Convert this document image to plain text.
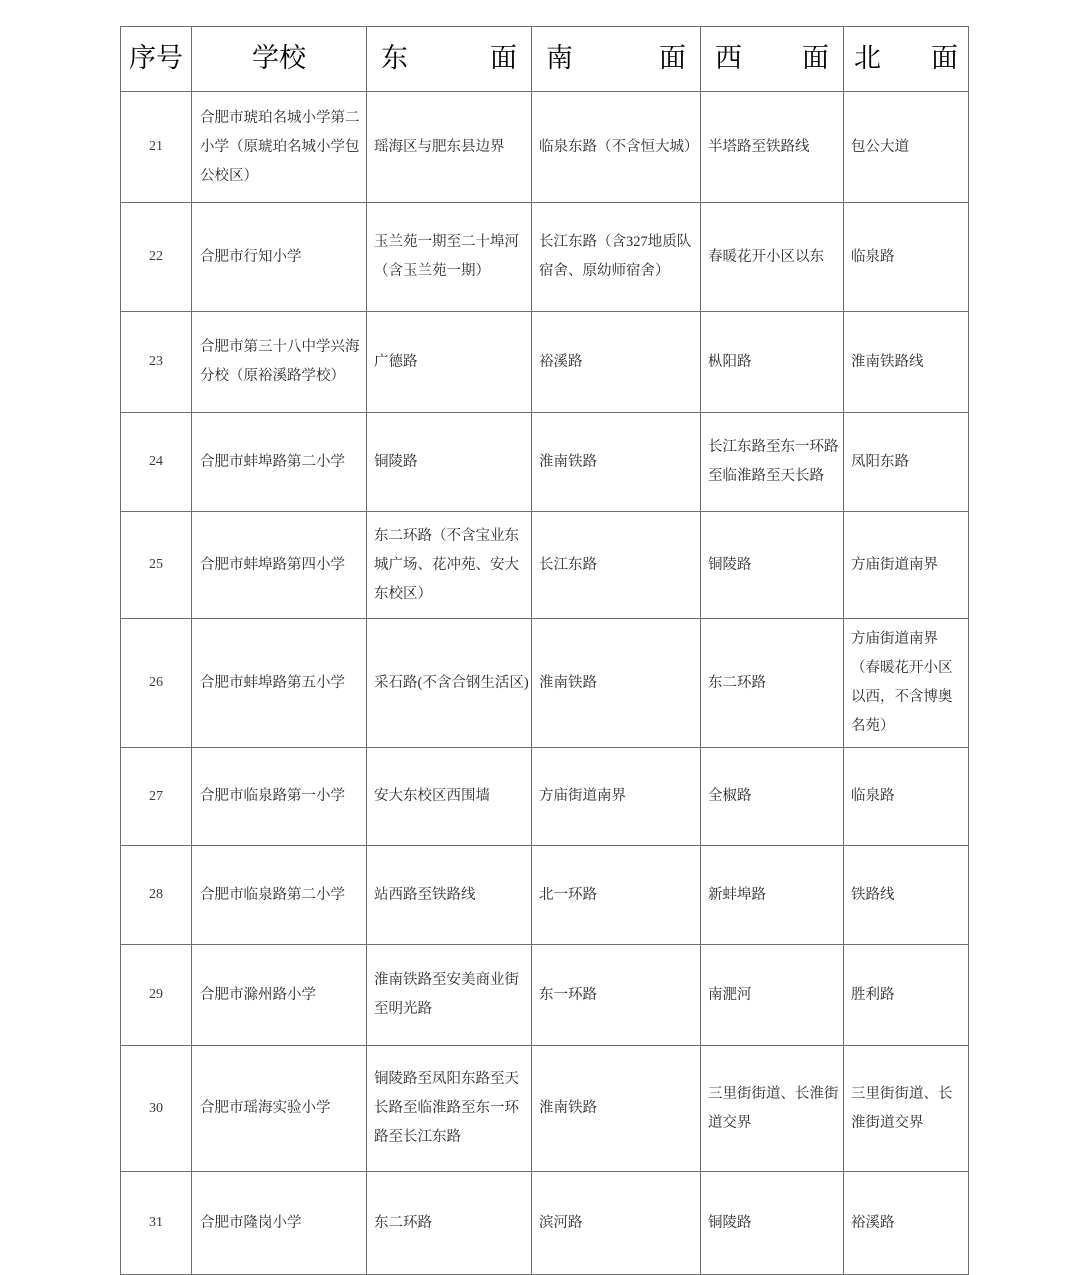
序号	学校	东 面	南 面	西 面	北 面
21	合肥市琥珀名城小学第二小学（原琥珀名城小学包公校区）	瑶海区与肥东县边界	临泉东路（不含恒大城）	半塔路至铁路线	包公大道
22	合肥市行知小学	玉兰苑一期至二十埠河（含玉兰苑一期）	长江东路（含327地质队宿舍、原幼师宿舍）	春暖花开小区以东	临泉路
23	合肥市第三十八中学兴海分校（原裕溪路学校）	广德路	裕溪路	枞阳路	淮南铁路线
24	合肥市蚌埠路第二小学	铜陵路	淮南铁路	长江东路至东一环路至临淮路至天长路	凤阳东路
25	合肥市蚌埠路第四小学	东二环路（不含宝业东城广场、花冲苑、安大东校区）	长江东路	铜陵路	方庙街道南界
26	合肥市蚌埠路第五小学	采石路(不含合钢生活区)	淮南铁路	东二环路	方庙街道南界（春暖花开小区以西，不含博奥名苑）
27	合肥市临泉路第一小学	安大东校区西围墙	方庙街道南界	全椒路	临泉路
28	合肥市临泉路第二小学	站西路至铁路线	北一环路	新蚌埠路	铁路线
29	合肥市滁州路小学	淮南铁路至安美商业街至明光路	东一环路	南淝河	胜利路
30	合肥市瑶海实验小学	铜陵路至凤阳东路至天长路至临淮路至东一环路至长江东路	淮南铁路	三里街街道、长淮街道交界	三里街街道、长淮街道交界
31	合肥市隆岗小学	东二环路	滨河路	铜陵路	裕溪路
